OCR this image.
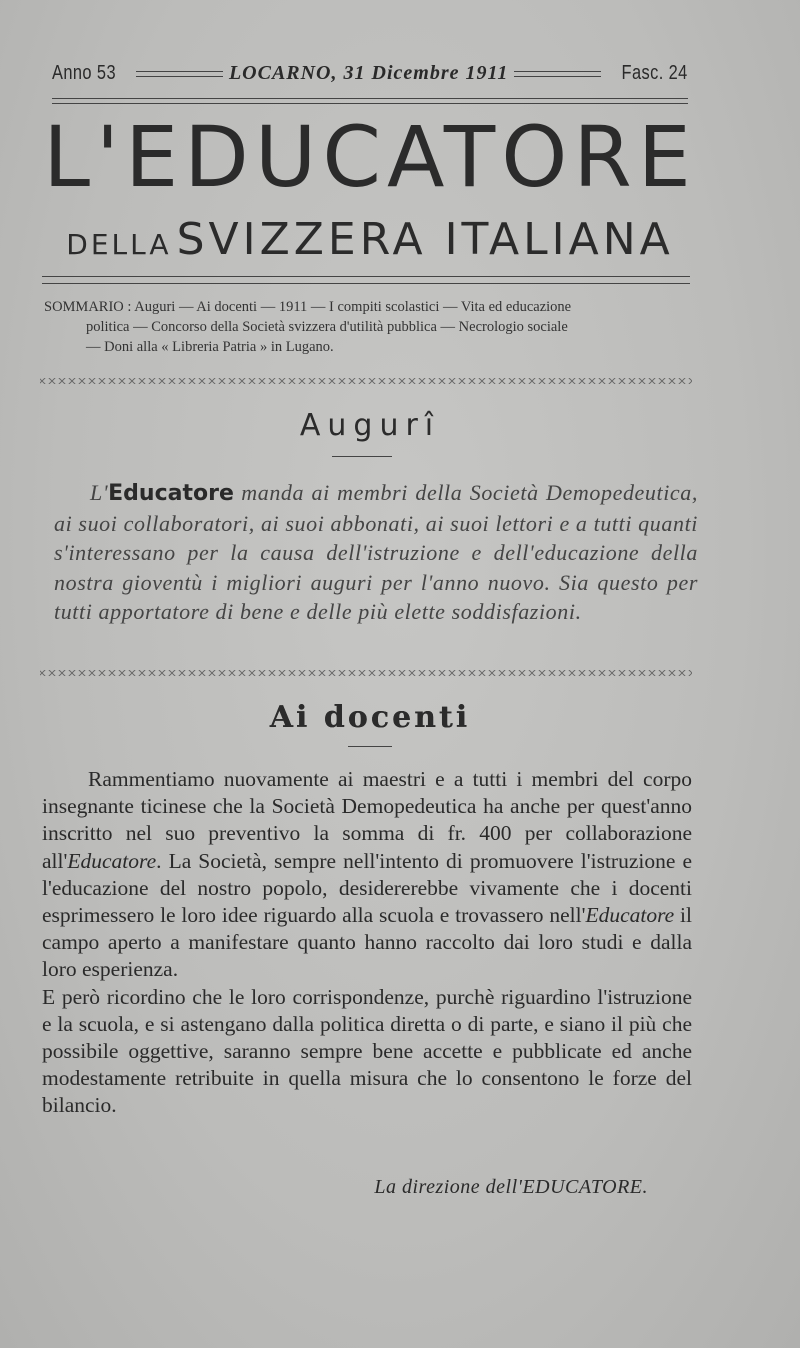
Anno 53	LOCARNO, 31 Dicembre 1911	Fasc. 24
L'EDUCATORE
DELLA SVIZZERA ITALIANA
SOMMARIO : Auguri — Ai docenti — 1911 — I compiti scolastici — Vita ed educazione
politica — Concorso della Società svizzera d'utilità pubblica — Necrologio sociale
— Doni alla « Libreria Patria » in Lugano.
Augurî
L'Educatore manda ai membri della Società Demopedeutica, ai suoi collaboratori, ai suoi abbonati, ai suoi lettori e a tutti quanti s'interessano per la causa dell'istruzione e dell'educazione della nostra gioventù i migliori auguri per l'anno nuovo. Sia questo per tutti apportatore di bene e delle più elette soddisfazioni.
Ai docenti

Rammentiamo nuovamente ai maestri e a tutti i membri del corpo insegnante ticinese che la Società Demopedeutica ha anche per quest'anno inscritto nel suo preventivo la somma di fr. 400 per collaborazione all'Educatore. La Società, sempre nell'intento di promuovere l'istruzione e l'educazione del nostro popolo, desidererebbe vivamente che i docenti esprimessero le loro idee riguardo alla scuola e trovassero nell'Educatore il campo aperto a manifestare quanto hanno raccolto dai loro studi e dalla loro esperienza.

E però ricordino che le loro corrispondenze, purchè riguardino l'istruzione e la scuola, e si astengano dalla politica diretta o di parte, e siano il più che possibile oggettive, saranno sempre bene accette e pubblicate ed anche modestamente retribuite in quella misura che lo consentono le forze del bilancio.

La direzione dell'EDUCATORE.
